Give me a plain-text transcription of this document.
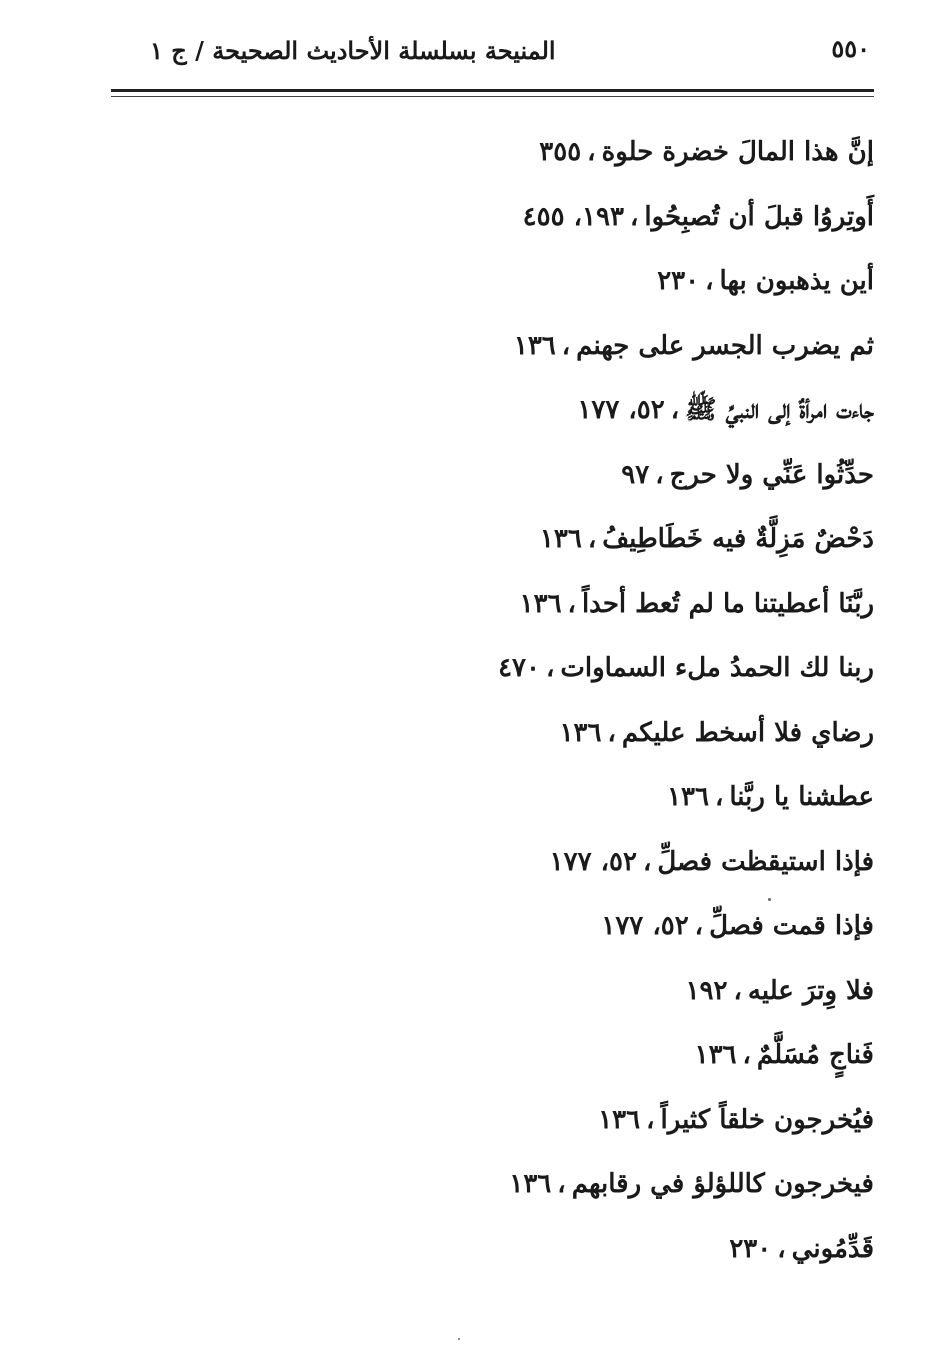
المنيحة بسلسلة الأحاديث الصحيحة / ج ١	٥٥٠
إنَّ هذا المالَ خضرة حلوة،٣٥٥
أَوتِروُا قبلَ أن تُصبِحُوا،١٩٣، ٤٥٥
أين يذهبون بها،٢٣٠
ثم يضرب الجسر على جهنم،١٣٦
جاءت امرأةٌ إلى النبيِّ ﷺ،٥٢، ١٧٧
حدِّثُوا عَنِّي ولا حرج،٩٧
دَحْضٌ مَزِلَّةٌ فيه خَطَاطِيفُ،١٣٦
ربَّنَا أعطيتنا ما لم تُعط أحداً،١٣٦
ربنا لك الحمدُ ملء السماوات،٤٧٠
رضاي فلا أسخط عليكم،١٣٦
عطشنا يا ربَّنا،١٣٦
فإذا استيقظت فصلِّ،٥٢، ١٧٧
فإذا قمت فصلِّ،٥٢، ١٧٧
فلا وِترَ عليه،١٩٢
فَناجٍ مُسَلَّمٌ،١٣٦
فيُخرجون خلقاً كثيراً،١٣٦
فيخرجون كاللؤلؤ في رقابهم،١٣٦
قَدِّمُوني،٢٣٠
